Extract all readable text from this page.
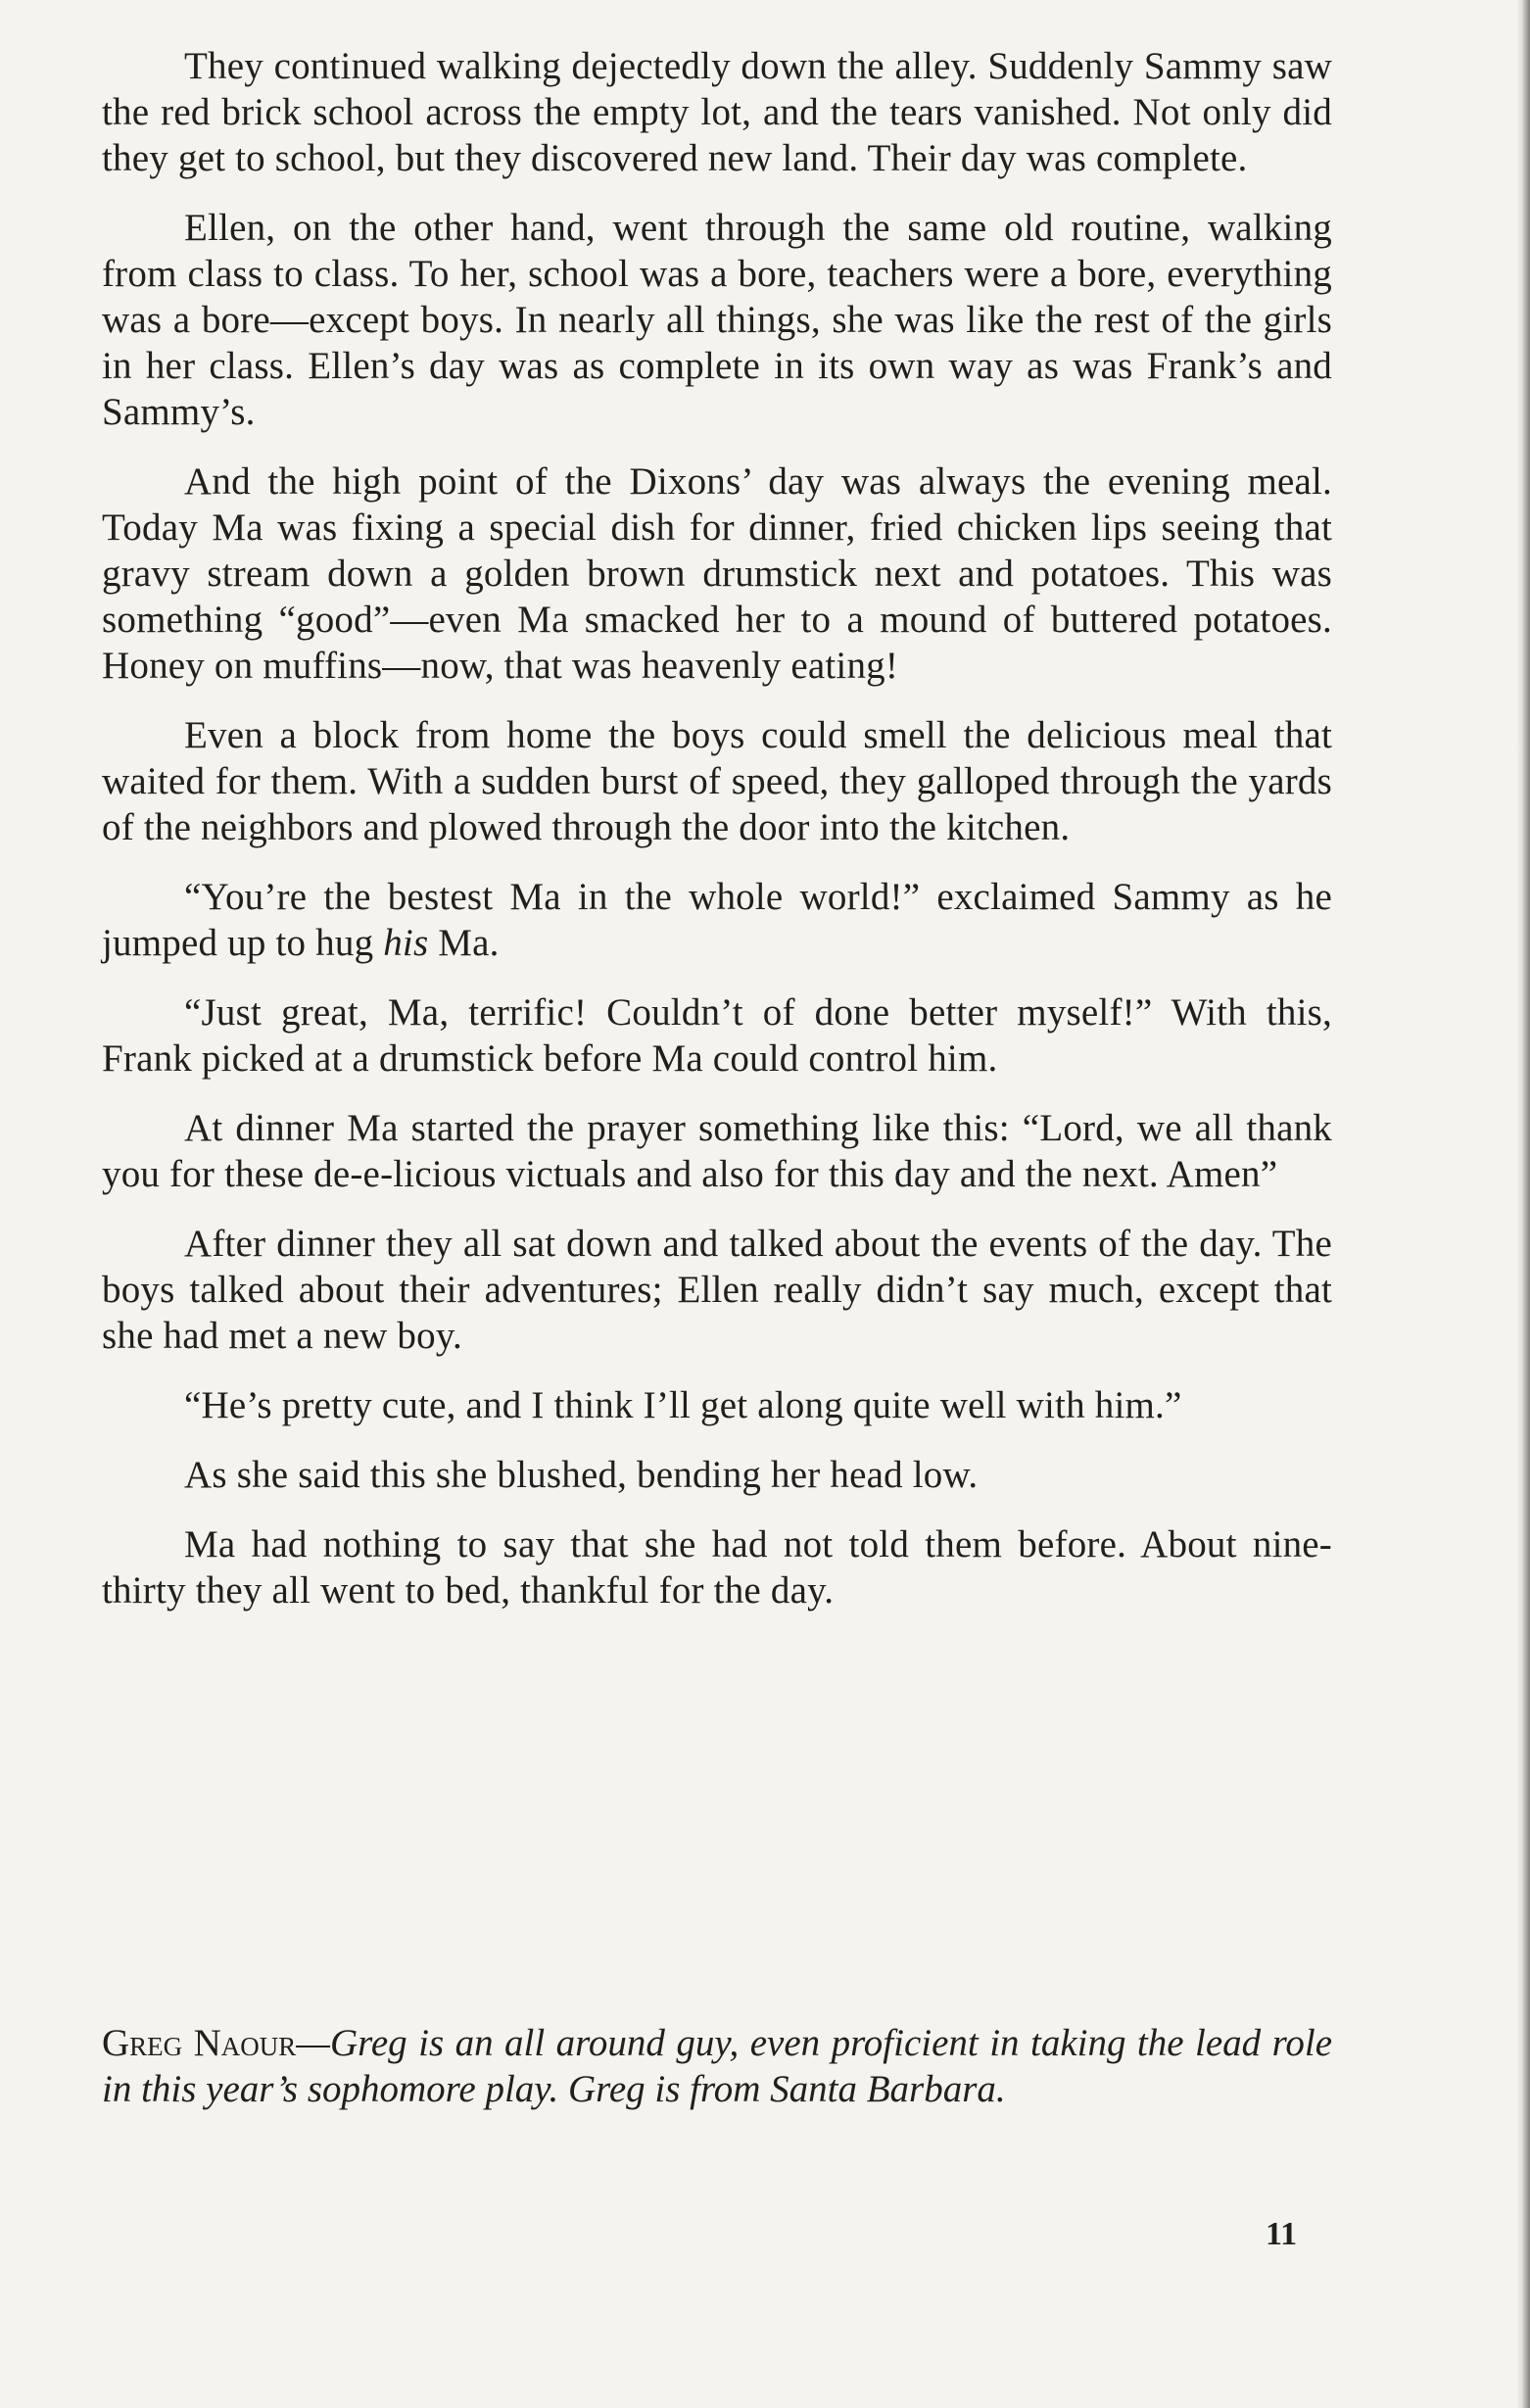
They continued walking dejectedly down the alley. Suddenly Sammy saw the red brick school across the empty lot, and the tears vanished. Not only did they get to school, but they discovered new land. Their day was complete.

Ellen, on the other hand, went through the same old routine, walking from class to class. To her, school was a bore, teachers were a bore, everything was a bore—except boys. In nearly all things, she was like the rest of the girls in her class. Ellen’s day was as complete in its own way as was Frank’s and Sammy’s.

And the high point of the Dixons’ day was always the evening meal. Today Ma was fixing a special dish for dinner, fried chicken lips seeing that gravy stream down a golden brown drumstick next and potatoes. This was something “good”—even Ma smacked her to a mound of buttered potatoes. Honey on muffins—now, that was heavenly eating!

Even a block from home the boys could smell the delicious meal that waited for them. With a sudden burst of speed, they galloped through the yards of the neighbors and plowed through the door into the kitchen.

“You’re the bestest Ma in the whole world!” exclaimed Sammy as he jumped up to hug his Ma.

“Just great, Ma, terrific! Couldn’t of done better myself!” With this, Frank picked at a drumstick before Ma could control him.

At dinner Ma started the prayer something like this: “Lord, we all thank you for these de-e-licious victuals and also for this day and the next. Amen”

After dinner they all sat down and talked about the events of the day. The boys talked about their adventures; Ellen really didn’t say much, except that she had met a new boy.

“He’s pretty cute, and I think I’ll get along quite well with him.”

As she said this she blushed, bending her head low.

Ma had nothing to say that she had not told them before. About nine-thirty they all went to bed, thankful for the day.

Greg Naour—Greg is an all around guy, even proficient in taking the lead role in this year’s sophomore play. Greg is from Santa Barbara.

11
